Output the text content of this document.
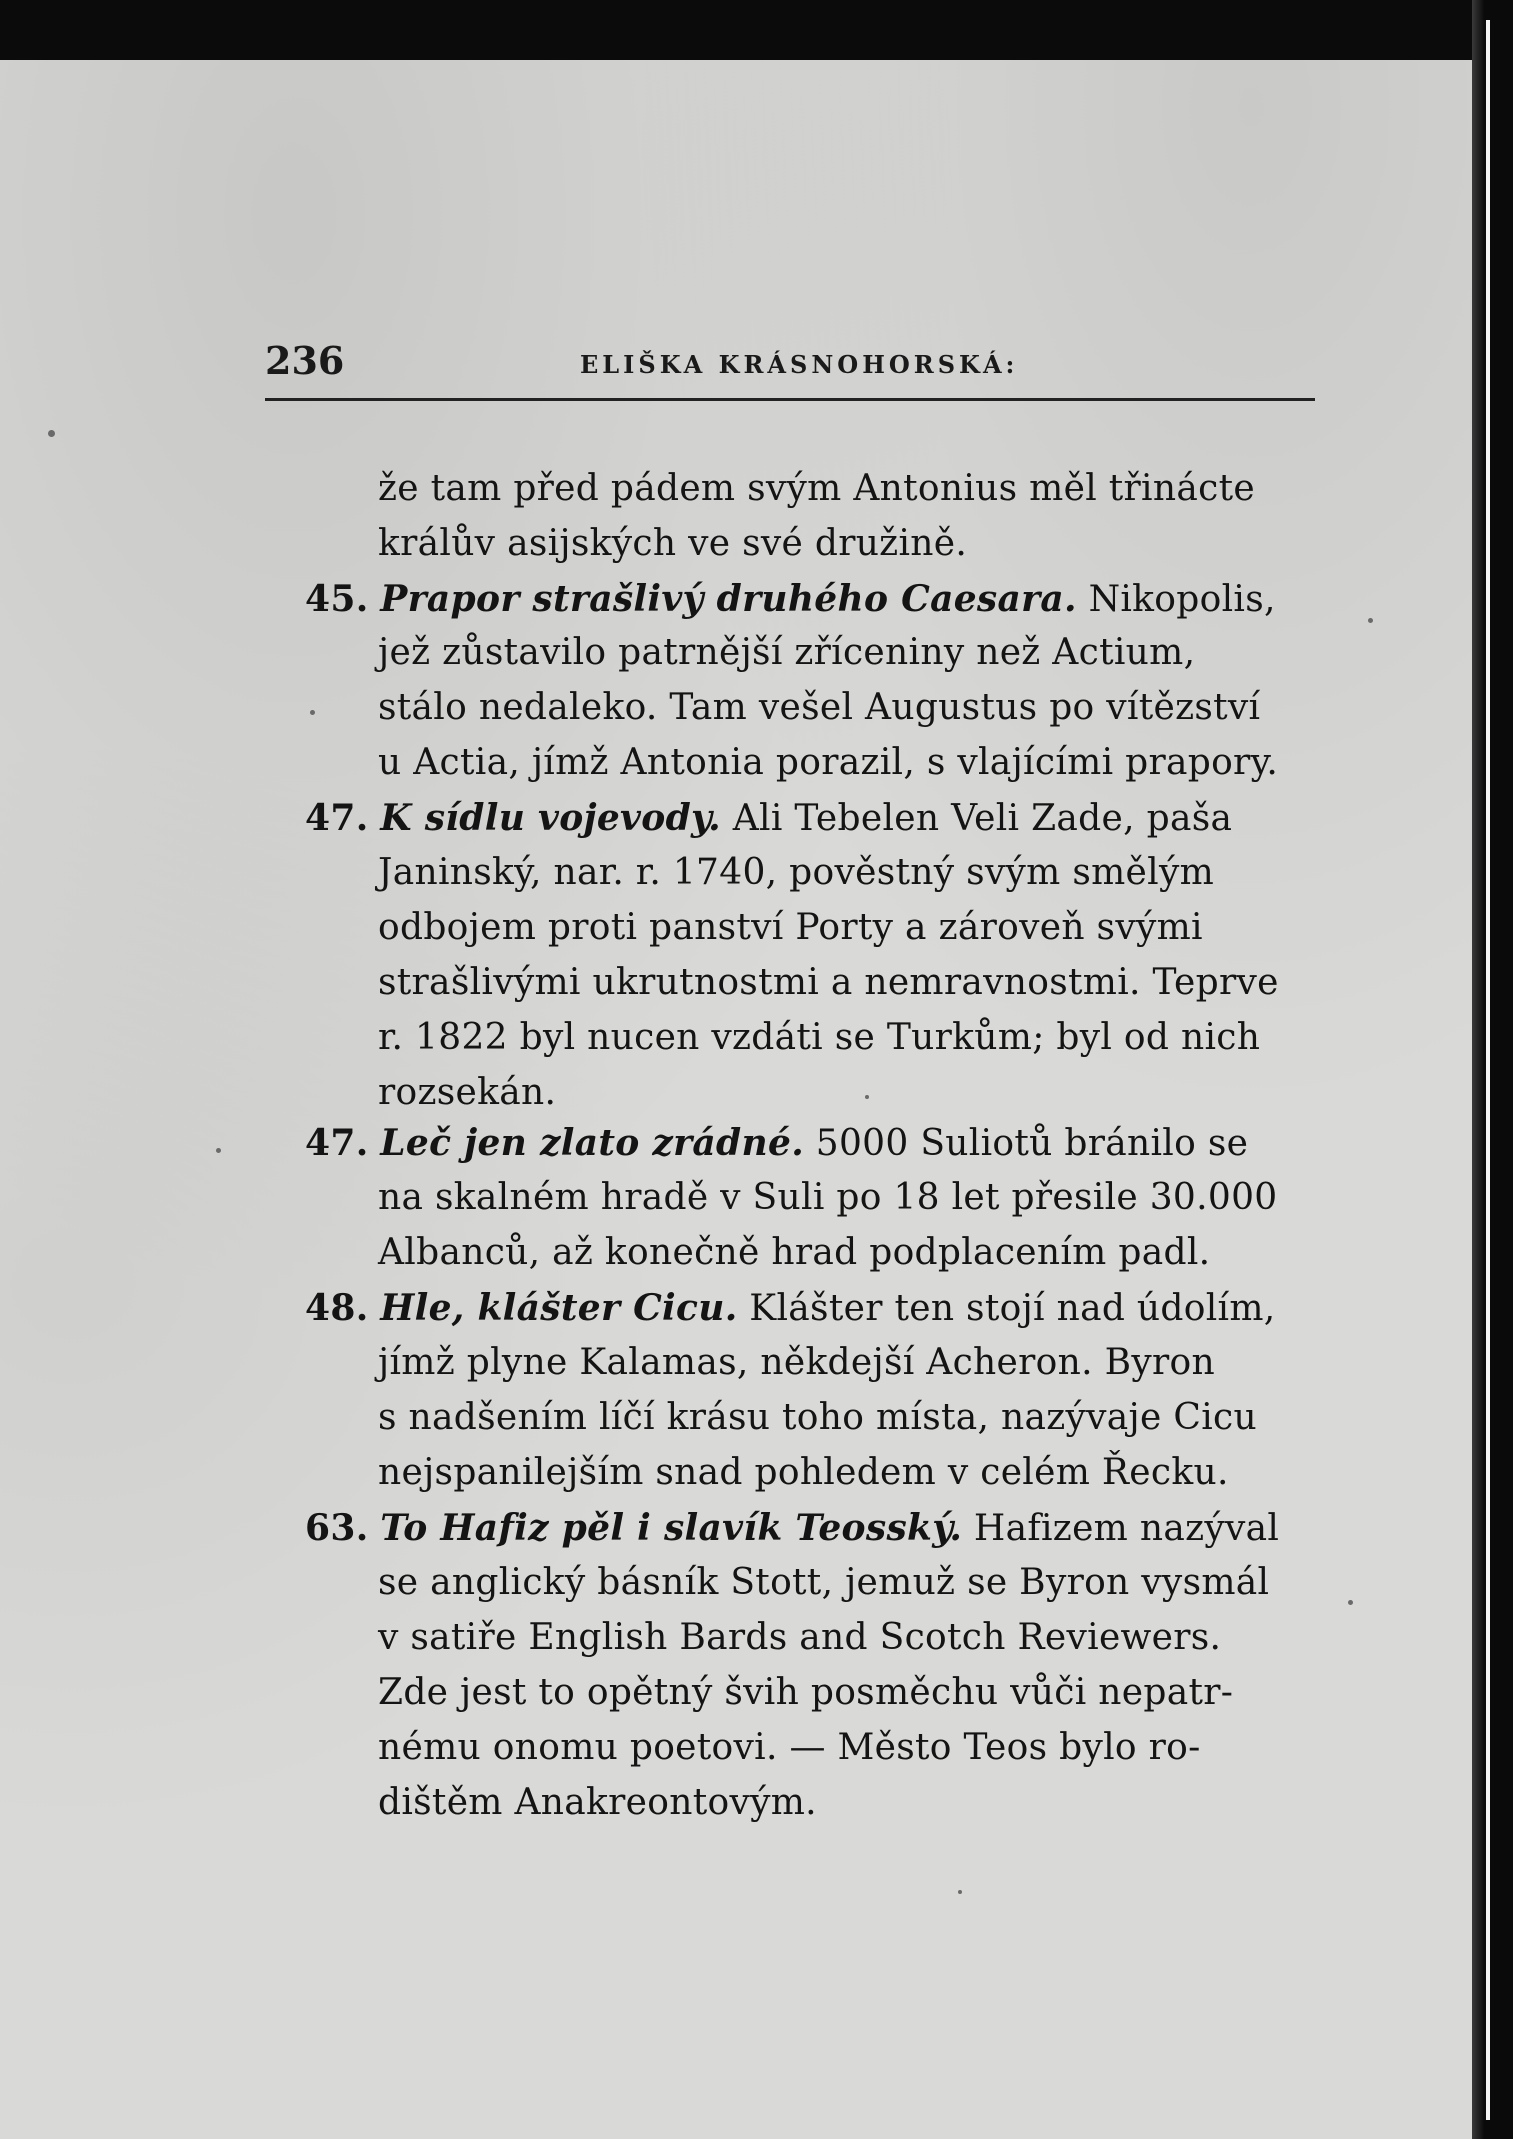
236	ELIŠKA KRÁSNOHORSKÁ:
že tam před pádem svým Antonius měl třinácte
králův asijských ve své družině.
45. Prapor strašlivý druhého Caesara. Nikopolis,
jež zůstavilo patrnější zříceniny než Actium,
stálo nedaleko. Tam vešel Augustus po vítězství
u Actia, jímž Antonia porazil, s vlajícími prapory.
47. K sídlu vojevody. Ali Tebelen Veli Zade, paša
Janinský, nar. r. 1740, pověstný svým smělým
odbojem proti panství Porty a zároveň svými
strašlivými ukrutnostmi a nemravnostmi. Teprve
r. 1822 byl nucen vzdáti se Turkům; byl od nich
rozsekán.
47. Leč jen zlato zrádné. 5000 Suliotů bránilo se
na skalném hradě v Suli po 18 let přesile 30.000
Albanců, až konečně hrad podplacením padl.
48. Hle, klášter Cicu. Klášter ten stojí nad údolím,
jímž plyne Kalamas, někdejší Acheron. Byron
s nadšením líčí krásu toho místa, nazývaje Cicu
nejspanilejším snad pohledem v celém Řecku.
63. To Hafiz pěl i slavík Teosský. Hafizem nazýval
se anglický básník Stott, jemuž se Byron vysmál
v satiře English Bards and Scotch Reviewers.
Zde jest to opětný švih posměchu vůči nepatr-
nému onomu poetovi. — Město Teos bylo ro-
dištěm Anakreontovým.
